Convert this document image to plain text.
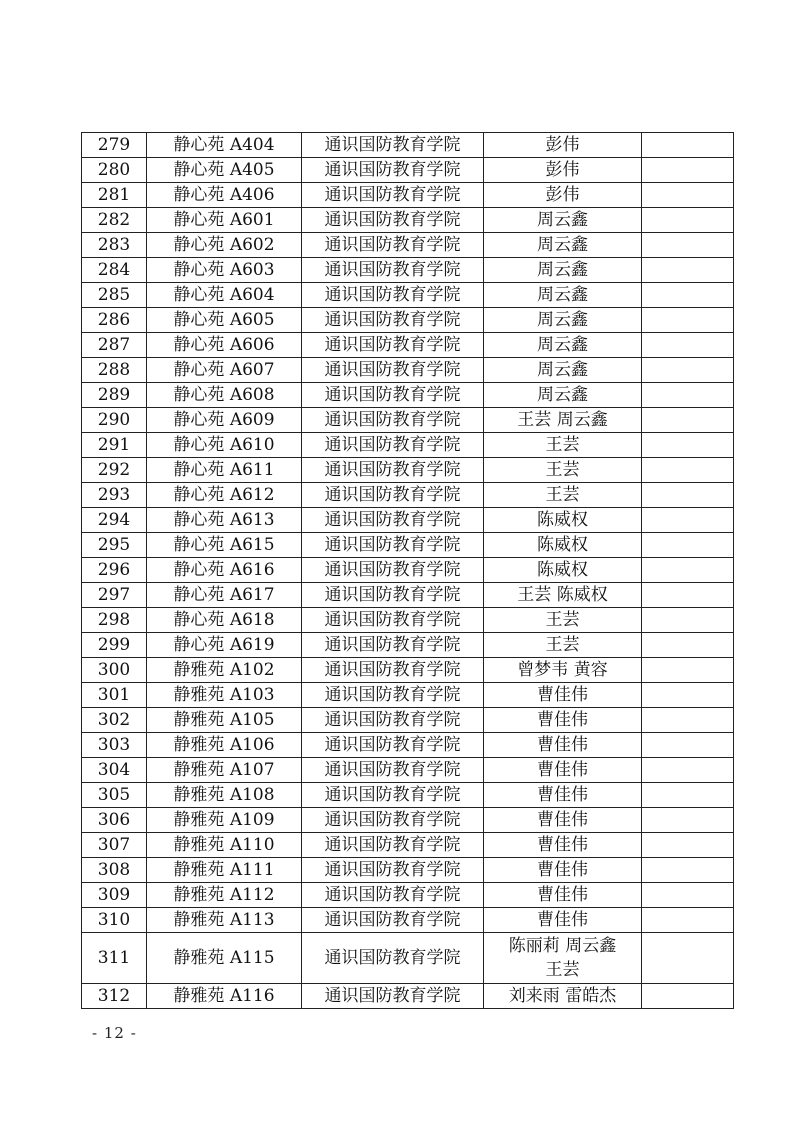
279	静心苑 A404	通识国防教育学院	彭伟	
280	静心苑 A405	通识国防教育学院	彭伟	
281	静心苑 A406	通识国防教育学院	彭伟	
282	静心苑 A601	通识国防教育学院	周云鑫	
283	静心苑 A602	通识国防教育学院	周云鑫	
284	静心苑 A603	通识国防教育学院	周云鑫	
285	静心苑 A604	通识国防教育学院	周云鑫	
286	静心苑 A605	通识国防教育学院	周云鑫	
287	静心苑 A606	通识国防教育学院	周云鑫	
288	静心苑 A607	通识国防教育学院	周云鑫	
289	静心苑 A608	通识国防教育学院	周云鑫	
290	静心苑 A609	通识国防教育学院	王芸 周云鑫	
291	静心苑 A610	通识国防教育学院	王芸	
292	静心苑 A611	通识国防教育学院	王芸	
293	静心苑 A612	通识国防教育学院	王芸	
294	静心苑 A613	通识国防教育学院	陈威权	
295	静心苑 A615	通识国防教育学院	陈威权	
296	静心苑 A616	通识国防教育学院	陈威权	
297	静心苑 A617	通识国防教育学院	王芸 陈威权	
298	静心苑 A618	通识国防教育学院	王芸	
299	静心苑 A619	通识国防教育学院	王芸	
300	静雅苑 A102	通识国防教育学院	曾梦韦 黄容	
301	静雅苑 A103	通识国防教育学院	曹佳伟	
302	静雅苑 A105	通识国防教育学院	曹佳伟	
303	静雅苑 A106	通识国防教育学院	曹佳伟	
304	静雅苑 A107	通识国防教育学院	曹佳伟	
305	静雅苑 A108	通识国防教育学院	曹佳伟	
306	静雅苑 A109	通识国防教育学院	曹佳伟	
307	静雅苑 A110	通识国防教育学院	曹佳伟	
308	静雅苑 A111	通识国防教育学院	曹佳伟	
309	静雅苑 A112	通识国防教育学院	曹佳伟	
310	静雅苑 A113	通识国防教育学院	曹佳伟	
311	静雅苑 A115	通识国防教育学院	陈丽莉 周云鑫
王芸	
312	静雅苑 A116	通识国防教育学院	刘来雨 雷皓杰	
- 12 -
